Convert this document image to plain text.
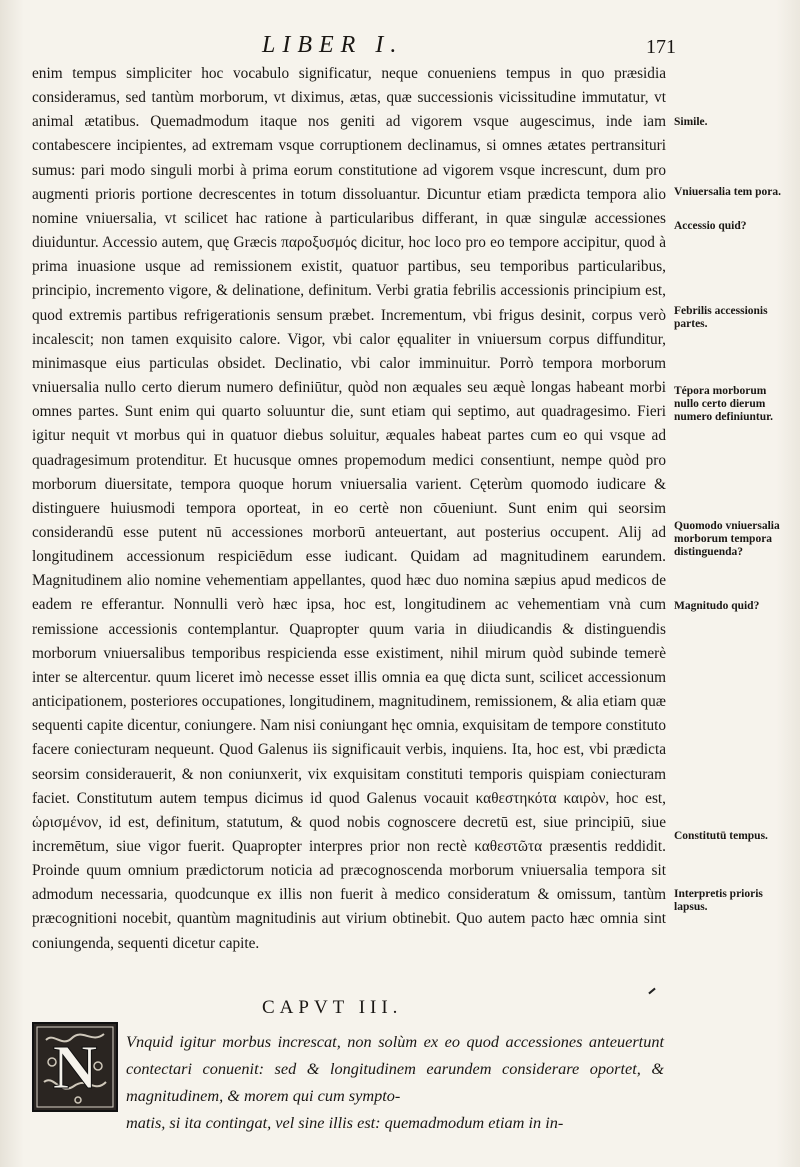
LIBER I.	171

enim tempus simpliciter hoc vocabulo significatur, neque conueniens tempus in quo præsidia consideramus, sed tantùm morborum, vt diximus, ætas, quæ successionis vicissitudine immutatur, vt animal ætatibus. Quemadmodum itaque nos geniti ad vigorem vsque augescimus, inde iam contabescere incipientes, ad extremam vsque corruptionem declinamus, si omnes ætates pertransituri sumus: pari modo singuli morbi à prima eorum constitutione ad vigorem vsque increscunt, dum pro augmenti prioris portione decrescentes in totum dissoluantur. Dicuntur etiam prædicta tempora alio nomine vniuersalia, vt scilicet hac ratione à particularibus differant, in quæ singulæ accessiones diuiduntur. Accessio autem, quę Græcis παροξυσμός dicitur, hoc loco pro eo tempore accipitur, quod à prima inuasione usque ad remissionem existit, quatuor partibus, seu temporibus particularibus, principio, incremento vigore, & delinatione, definitum. Verbi gratia febrilis accessionis principium est, quod extremis partibus refrigerationis sensum præbet. Incrementum, vbi frigus desinit, corpus verò incalescit; non tamen exquisito calore. Vigor, vbi calor ęqualiter in vniuersum corpus diffunditur, minimasque eius particulas obsidet. Declinatio, vbi calor imminuitur. Porrò tempora morborum vniuersalia nullo certo dierum numero definiūtur, quòd non æquales seu æquè longas habeant morbi omnes partes. Sunt enim qui quarto soluuntur die, sunt etiam qui septimo, aut quadragesimo. Fieri igitur nequit vt morbus qui in quatuor diebus soluitur, æquales habeat partes cum eo qui vsque ad quadragesimum protenditur. Et hucusque omnes propemodum medici consentiunt, nempe quòd pro morborum diuersitate, tempora quoque horum vniuersalia varient. Cęterùm quomodo iudicare & distinguere huiusmodi tempora oporteat, in eo certè non cōueniunt. Sunt enim qui seorsim considerandū esse putent nū accessiones morborū anteuertant, aut posterius occupent. Alij ad longitudinem accessionum respiciēdum esse iudicant. Quidam ad magnitudinem earundem. Magnitudinem alio nomine vehementiam appellantes, quod hæc duo nomina sæpius apud medicos de eadem re efferantur. Nonnulli verò hæc ipsa, hoc est, longitudinem ac vehementiam vnà cum remissione accessionis contemplantur. Quapropter quum varia in diiudicandis & distinguendis morborum vniuersalibus temporibus respicienda esse existiment, nihil mirum quòd subinde temerè inter se altercentur. quum liceret imò necesse esset illis omnia ea quę dicta sunt, scilicet accessionum anticipationem, posteriores occupationes, longitudinem, magnitudinem, remissionem, & alia etiam quæ sequenti capite dicentur, coniungere. Nam nisi coniungant hęc omnia, exquisitam de tempore constituto facere coniecturam nequeunt. Quod Galenus iis significauit verbis, inquiens. Ita, hoc est, vbi prædicta seorsim considerauerit, & non coniunxerit, vix exquisitam constituti temporis quispiam coniecturam faciet. Constitutum autem tempus dicimus id quod Galenus vocauit καθεστηκότα καιρὸν, hoc est, ὡρισμένον, id est, definitum, statutum, & quod nobis cognoscere decretū est, siue principiū, siue incremētum, siue vigor fuerit. Quapropter interpres prior non rectè καθεστῶτα præsentis reddidit. Proinde quum omnium prædictorum noticia ad præcognoscenda morborum vniuersalia tempora sit admodum necessaria, quodcunque ex illis non fuerit à medico consideratum & omissum, tantùm præcognitioni nocebit, quantùm magnitudinis aut virium obtinebit. Quo autem pacto hæc omnia sint coniungenda, sequenti dicetur capite.

Simile.
Vniuersalia tem pora.
Accessio quid?
Febrilis accessionis partes.
Tépora morborum nullo certo dierum numero definiuntur.
Quomodo vniuersalia morborum tempora distinguenda?
Magnitudo quid?
Constitutū tempus.
Interpretis prioris lapsus.
CAPVT III.
N Vnquid igitur morbus increscat, non solùm ex eo quod accessiones anteuertunt contectari conuenit: sed & longitudinem earundem considerare oportet, & magnitudinem, & morem qui cum sympto-

matis, si ita contingat, vel sine illis est: quemadmodum etiam in in-
